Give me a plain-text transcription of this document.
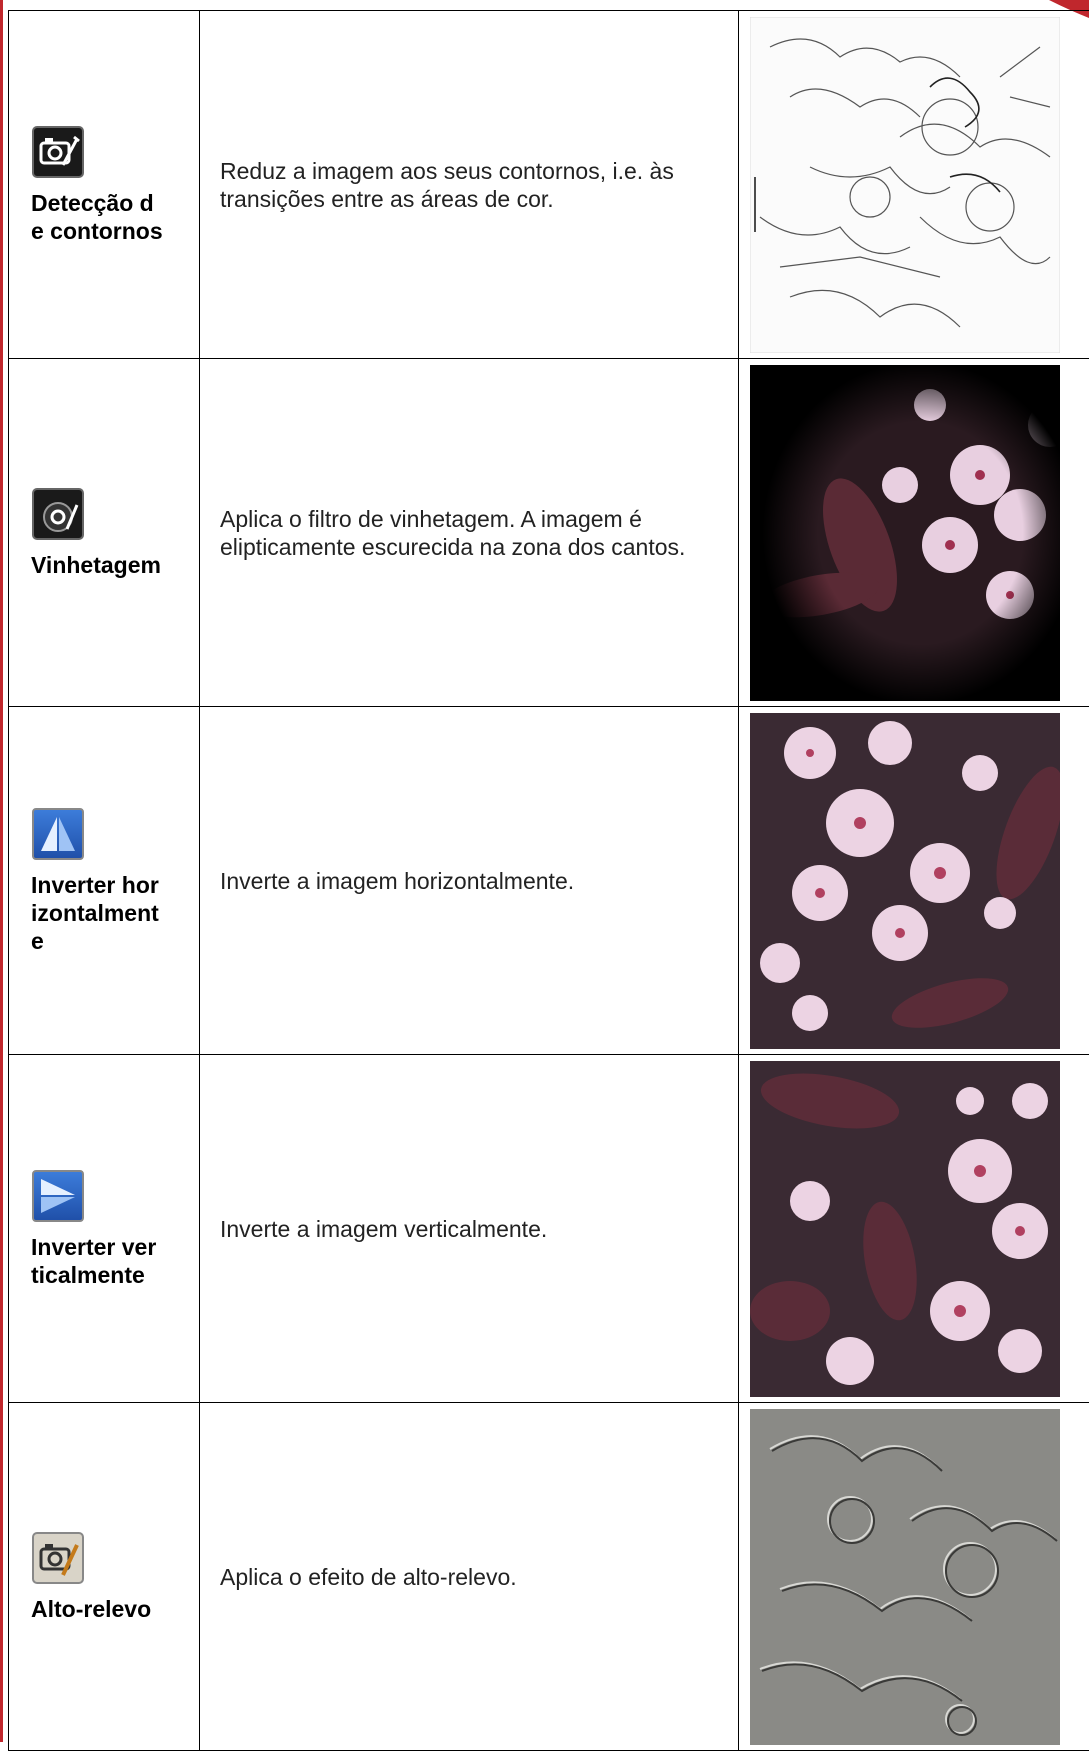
Detecção de contornos	Reduz a imagem aos seus contornos, i.e. às transições entre as áreas de cor.

Vinhetagem	Aplica o filtro de vinhetagem. A imagem é elipticamente escurecida na zona dos cantos.

Inverter horizontalmente	Inverte a imagem horizontalmente.

Inverter verticalmente	Inverte a imagem verticalmente.

Alto-relevo	Aplica o efeito de alto-relevo.
